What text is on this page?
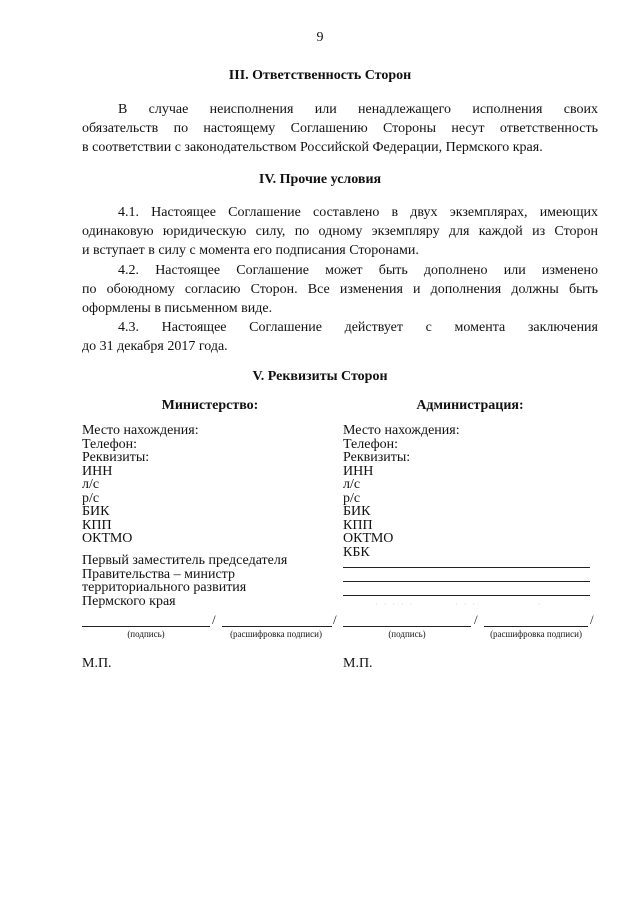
9
III. Ответственность Сторон
В случае неисполнения или ненадлежащего исполнения своих
обязательств по настоящему Соглашению Стороны несут ответственность
в соответствии с законодательством Российской Федерации, Пермского края.
IV. Прочие условия
4.1. Настоящее Соглашение составлено в двух экземплярах, имеющих
одинаковую юридическую силу, по одному экземпляру для каждой из Сторон
и вступает в силу с момента его подписания Сторонами.
4.2. Настоящее Соглашение может быть дополнено или изменено
по обоюдному согласию Сторон. Все изменения и дополнения должны быть
оформлены в письменном виде.
4.3. Настоящее Соглашение действует с момента заключения
до 31 декабря 2017 года.
V. Реквизиты Сторон
Министерство:
Место нахождения:
Телефон:
Реквизиты:
ИНН
л/с
р/с
БИК
КПП
ОКТМО
Первый заместитель председателя
Правительства – министр
территориального развития
Пермского края
/	/
(подпись)	(расшифровка подписи)
М.П.
Администрация:
Место нахождения:
Телефон:
Реквизиты:
ИНН
л/с
р/с
БИК
КПП
ОКТМО
КБК
· · · · ·	· · ·	·
/	/
(подпись)	(расшифровка подписи)
М.П.
